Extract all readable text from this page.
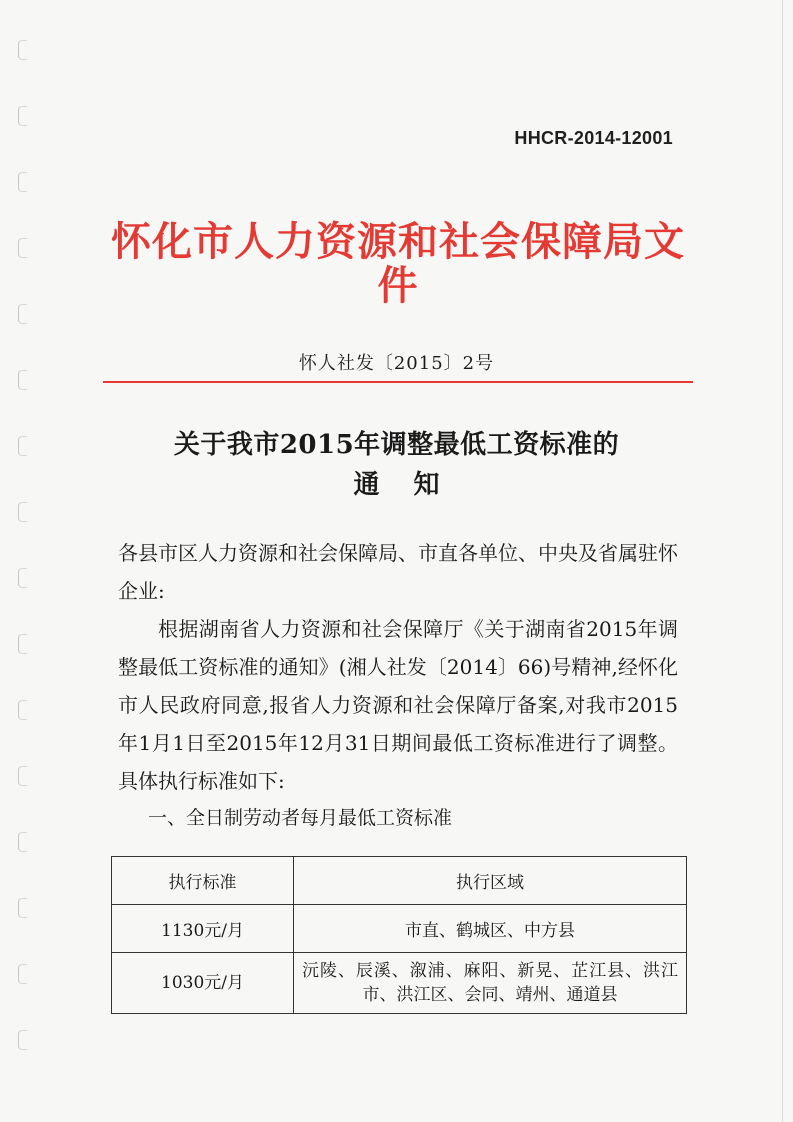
HHCR-2014-12001
怀化市人力资源和社会保障局文件
怀人社发〔2015〕2号
关于我市2015年调整最低工资标准的
通知

各县市区人力资源和社会保障局、市直各单位、中央及省属驻怀企业:

根据湖南省人力资源和社会保障厅《关于湖南省2015年调整最低工资标准的通知》(湘人社发〔2014〕66)号精神,经怀化市人民政府同意,报省人力资源和社会保障厅备案,对我市2015年1月1日至2015年12月31日期间最低工资标准进行了调整。具体执行标准如下:

一、全日制劳动者每月最低工资标准

执行标准	执行区域
1130元/月	市直、鹤城区、中方县
1030元/月	沅陵、辰溪、溆浦、麻阳、新晃、芷江县、洪江市、洪江区、会同、靖州、通道县
